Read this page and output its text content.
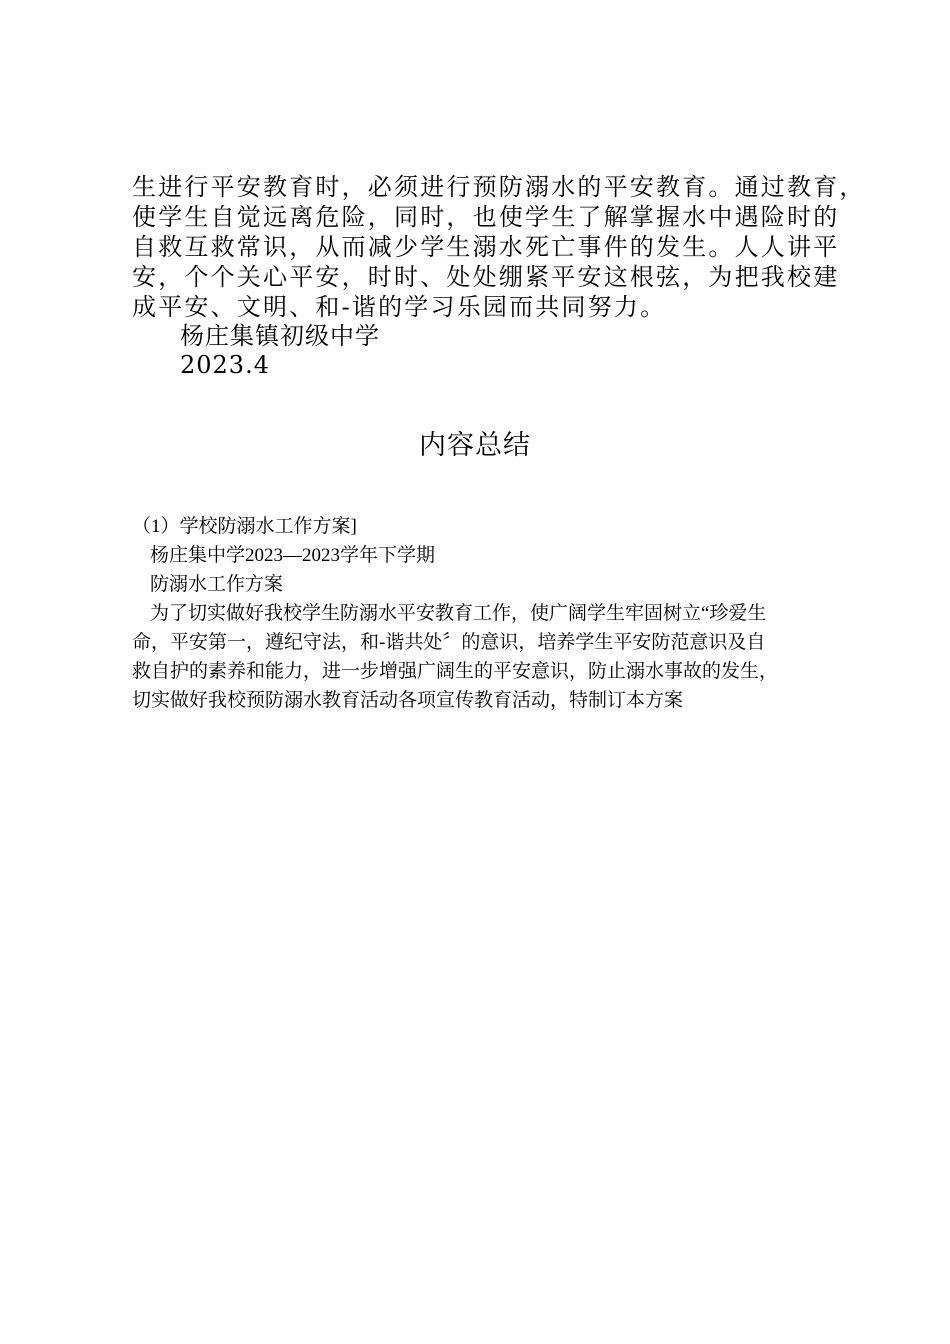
生进行平安教育时，必须进行预防溺水的平安教育。通过教育，
使学生自觉远离危险，同时，也使学生了解掌握水中遇险时的
自救互救常识，从而减少学生溺水死亡事件的发生。人人讲平
安，个个关心平安，时时、处处绷紧平安这根弦，为把我校建
成平安、文明、和-谐的学习乐园而共同努力。
杨庄集镇初级中学
2023.4
内容总结
（1）学校防溺水工作方案]
杨庄集中学2023—2023学年下学期
防溺水工作方案
为了切实做好我校学生防溺水平安教育工作，使广阔学生牢固树立“珍爱生
命，平安第一，遵纪守法，和-谐共处〞的意识，培养学生平安防范意识及自
救自护的素养和能力，进一步增强广阔生的平安意识，防止溺水事故的发生，
切实做好我校预防溺水教育活动各项宣传教育活动，特制订本方案
